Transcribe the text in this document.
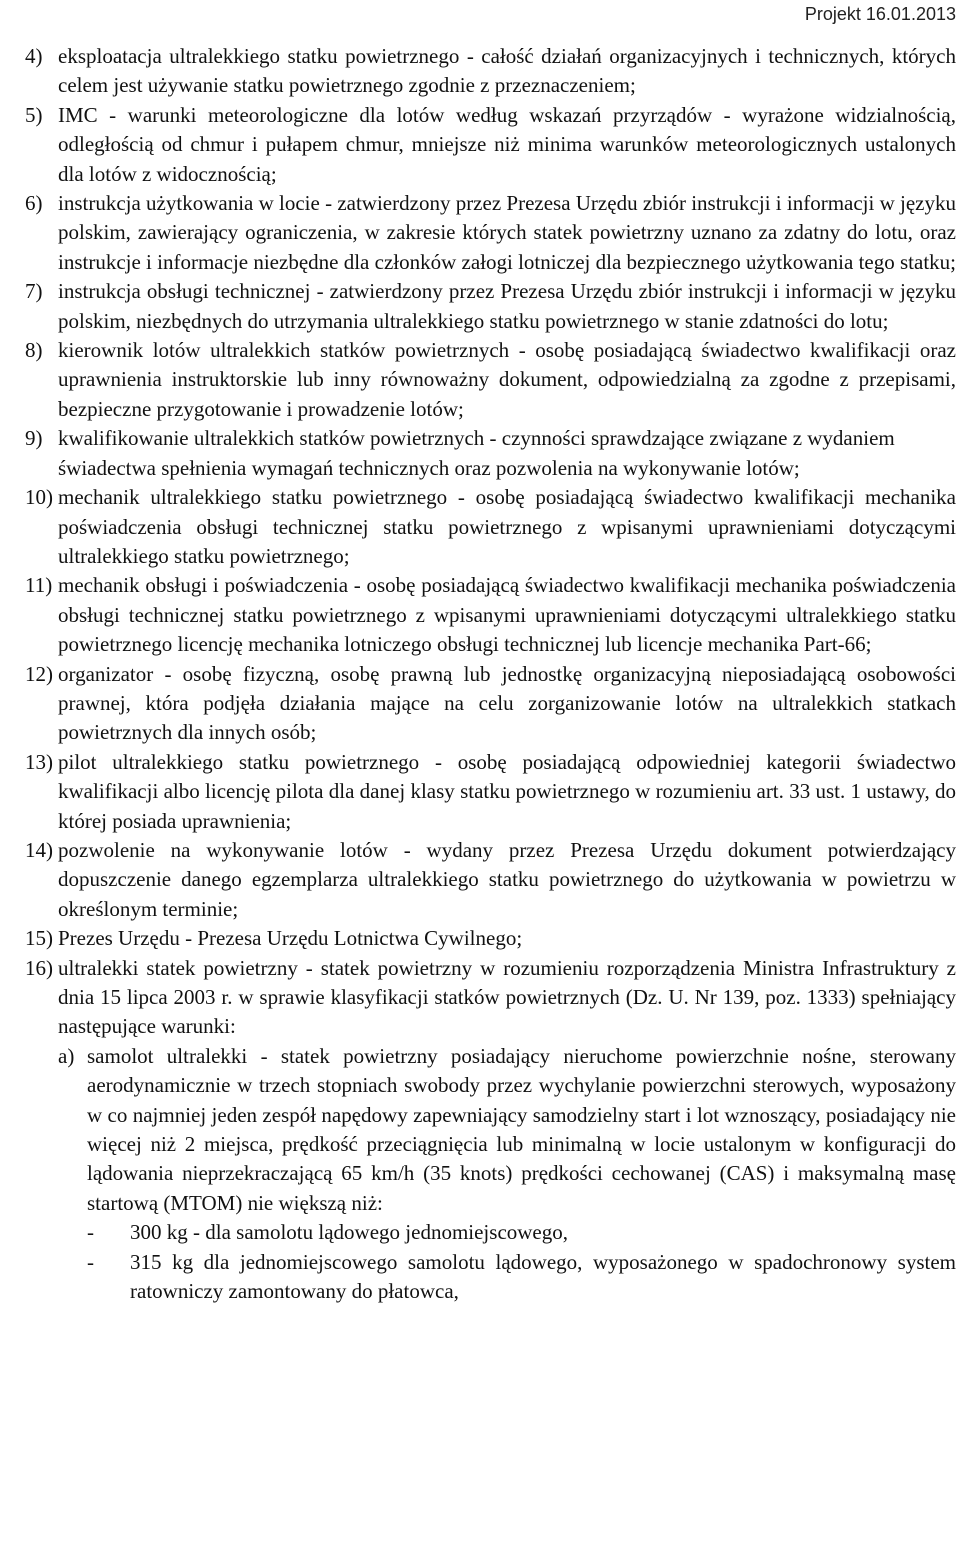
Projekt 16.01.2013
4) eksploatacja ultralekkiego statku powietrznego - całość działań organizacyjnych i technicznych, których celem jest używanie statku powietrznego zgodnie z przeznaczeniem;
5) IMC - warunki meteorologiczne dla lotów według wskazań przyrządów - wyrażone widzialnością, odległością od chmur i pułapem chmur, mniejsze niż minima warunków meteorologicznych ustalonych dla lotów z widocznością;
6) instrukcja użytkowania w locie - zatwierdzony przez Prezesa Urzędu zbiór instrukcji i informacji w języku polskim, zawierający ograniczenia, w zakresie których statek powietrzny uznano za zdatny do lotu, oraz instrukcje i informacje niezbędne dla członków załogi lotniczej dla bezpiecznego użytkowania tego statku;
7) instrukcja obsługi technicznej - zatwierdzony przez Prezesa Urzędu zbiór instrukcji i informacji w języku polskim, niezbędnych do utrzymania ultralekkiego statku powietrznego w stanie zdatności do lotu;
8) kierownik lotów ultralekkich statków powietrznych - osobę posiadającą świadectwo kwalifikacji oraz uprawnienia instruktorskie lub inny równoważny dokument, odpowiedzialną za zgodne z przepisami, bezpieczne przygotowanie i prowadzenie lotów;
9) kwalifikowanie ultralekkich statków powietrznych - czynności sprawdzające związane z wydaniem

świadectwa spełnienia wymagań technicznych oraz pozwolenia na wykonywanie lotów;

10) mechanik ultralekkiego statku powietrznego - osobę posiadającą świadectwo kwalifikacji mechanika poświadczenia obsługi technicznej statku powietrznego z wpisanymi uprawnieniami dotyczącymi ultralekkiego statku powietrznego;
11) mechanik obsługi i poświadczenia - osobę posiadającą świadectwo kwalifikacji mechanika poświadczenia obsługi technicznej statku powietrznego z wpisanymi uprawnieniami dotyczącymi ultralekkiego statku powietrznego licencję mechanika lotniczego obsługi technicznej lub licencje mechanika Part-66;
12) organizator - osobę fizyczną, osobę prawną lub jednostkę organizacyjną nieposiadającą osobowości prawnej, która podjęła działania mające na celu zorganizowanie lotów na ultralekkich statkach powietrznych dla innych osób;
13) pilot ultralekkiego statku powietrznego - osobę posiadającą odpowiedniej kategorii świadectwo kwalifikacji albo licencję pilota dla danej klasy statku powietrznego w rozumieniu art. 33 ust. 1 ustawy, do której posiada uprawnienia;
14) pozwolenie na wykonywanie lotów - wydany przez Prezesa Urzędu dokument potwierdzający dopuszczenie danego egzemplarza ultralekkiego statku powietrznego do użytkowania w powietrzu w określonym terminie;
15) Prezes Urzędu - Prezesa Urzędu Lotnictwa Cywilnego;
16) ultralekki statek powietrzny - statek powietrzny w rozumieniu rozporządzenia Ministra Infrastruktury z dnia 15 lipca 2003 r. w sprawie klasyfikacji statków powietrznych (Dz. U. Nr 139, poz. 1333) spełniający następujące warunki:
a) samolot ultralekki - statek powietrzny posiadający nieruchome powierzchnie nośne, sterowany aerodynamicznie w trzech stopniach swobody przez wychylanie powierzchni sterowych, wyposażony w co najmniej jeden zespół napędowy zapewniający samodzielny start i lot wznoszący, posiadający nie więcej niż 2 miejsca, prędkość przeciągnięcia lub minimalną w locie ustalonym w konfiguracji do lądowania nieprzekraczającą 65 km/h (35 knots) prędkości cechowanej (CAS) i maksymalną masę startową (MTOM) nie większą niż:
-	300 kg - dla samolotu lądowego jednomiejscowego,
-	315 kg dla jednomiejscowego samolotu lądowego, wyposażonego w spadochronowy system ratowniczy zamontowany do płatowca,
